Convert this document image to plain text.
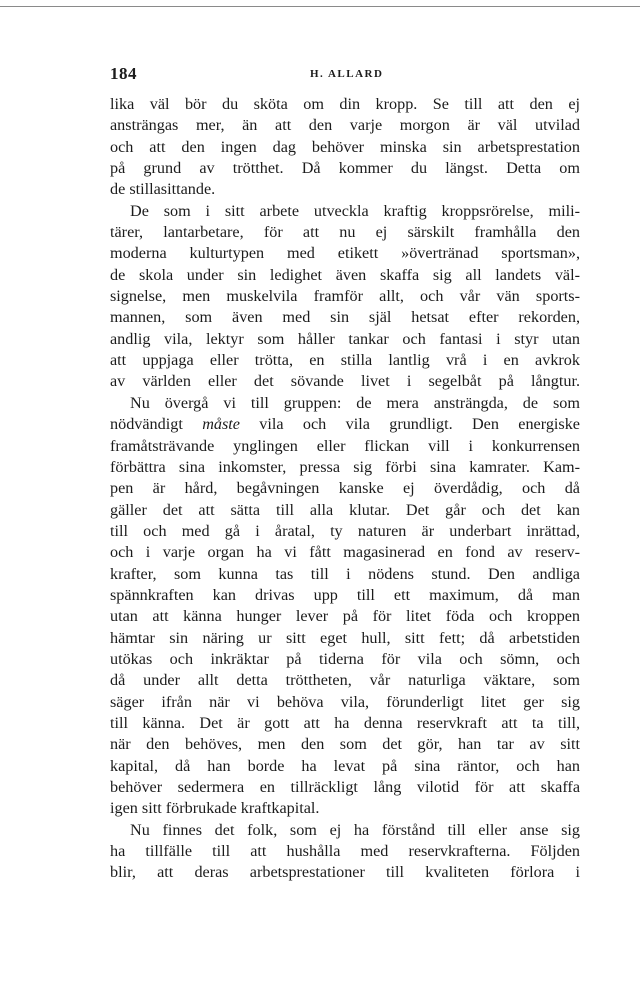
184	H. ALLARD
lika väl bör du sköta om din kropp. Se till att den ej
ansträngas mer, än att den varje morgon är väl utvilad
och att den ingen dag behöver minska sin arbetsprestation
på grund av trötthet. Då kommer du längst. Detta om
de stillasittande.
De som i sitt arbete utveckla kraftig kroppsrörelse, mili-
tärer, lantarbetare, för att nu ej särskilt framhålla den
moderna kulturtypen med etikett »övertränad sportsman»,
de skola under sin ledighet även skaffa sig all landets väl-
signelse, men muskelvila framför allt, och vår vän sports-
mannen, som även med sin själ hetsat efter rekorden,
andlig vila, lektyr som håller tankar och fantasi i styr utan
att uppjaga eller trötta, en stilla lantlig vrå i en avkrok
av världen eller det sövande livet i segelbåt på långtur.
Nu övergå vi till gruppen: de mera ansträngda, de som
nödvändigt måste vila och vila grundligt. Den energiske
framåtsträvande ynglingen eller flickan vill i konkurrensen
förbättra sina inkomster, pressa sig förbi sina kamrater. Kam-
pen är hård, begåvningen kanske ej överdådig, och då
gäller det att sätta till alla klutar. Det går och det kan
till och med gå i åratal, ty naturen är underbart inrättad,
och i varje organ ha vi fått magasinerad en fond av reserv-
krafter, som kunna tas till i nödens stund. Den andliga
spännkraften kan drivas upp till ett maximum, då man
utan att känna hunger lever på för litet föda och kroppen
hämtar sin näring ur sitt eget hull, sitt fett; då arbetstiden
utökas och inkräktar på tiderna för vila och sömn, och
då under allt detta tröttheten, vår naturliga väktare, som
säger ifrån när vi behöva vila, förunderligt litet ger sig
till känna. Det är gott att ha denna reservkraft att ta till,
när den behöves, men den som det gör, han tar av sitt
kapital, då han borde ha levat på sina räntor, och han
behöver sedermera en tillräckligt lång vilotid för att skaffa
igen sitt förbrukade kraftkapital.
Nu finnes det folk, som ej ha förstånd till eller anse sig
ha tillfälle till att hushålla med reservkrafterna. Följden
blir, att deras arbetsprestationer till kvaliteten förlora i
